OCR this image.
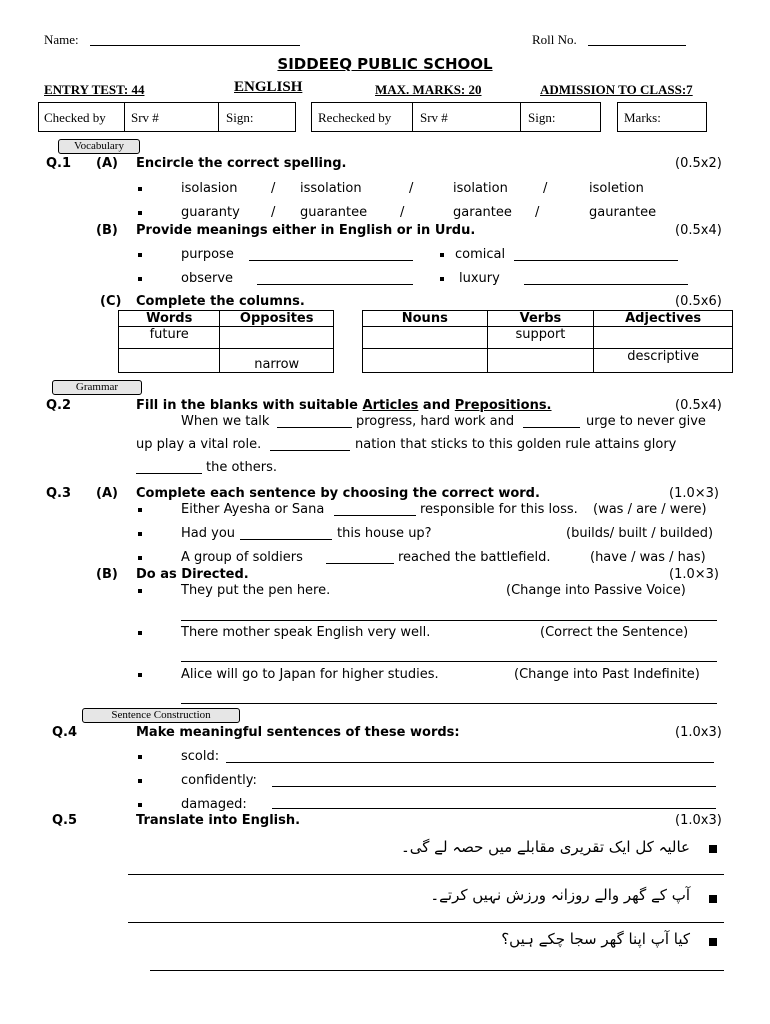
Name:	Roll No.
SIDDEEQ PUBLIC SCHOOL
ENTRY TEST: 44	ENGLISH	MAX. MARKS: 20	ADMISSION TO CLASS:7
Checked by Srv #	Sign:	Rechecked by Srv #	Sign:	Marks:
Vocabulary
Q.1 (A) Encircle the correct spelling.	(0.5x2)
isolasion	/ issolation	/	isolation	/	isoletion
guaranty / guarantee	/	garantee /	gaurantee
(B) Provide meanings either in English or in Urdu.	(0.5x4)
purpose	comical
observe	luxury
(C) Complete the columns.	(0.5x6)
Words	Opposites
future	
	narrow
Nouns	Verbs	Adjectives
	support	
		descriptive
Grammar
Q.2	Fill in the blanks with suitable Articles and Prepositions.	(0.5x4)
When we talk	progress, hard work and	urge to never give
up play a vital role.	nation that sticks to this golden rule attains glory
the others.
Q.3 (A) Complete each sentence by choosing the correct word.	(1.0×3)
Either Ayesha or Sana	responsible for this loss. (was / are / were)
Had you	this house up?	(builds/ built / builded)
A group of soldiers	reached the battlefield.	(have / was / has)
(B) Do as Directed.	(1.0×3)
They put the pen here.	(Change into Passive Voice)
There mother speak English very well.	(Correct the Sentence)
Alice will go to Japan for higher studies.	(Change into Past Indefinite)
Sentence Construction
Q.4	Make meaningful sentences of these words:	(1.0x3)
scold:
confidently:
damaged:
Q.5	Translate into English.	(1.0x3)
عالیہ کل ایک تقریری مقابلے میں حصہ لے گی۔
آپ کے گھر والے روزانہ ورزش نہیں کرتے۔
کیا آپ اپنا گھر سجا چکے ہیں؟
